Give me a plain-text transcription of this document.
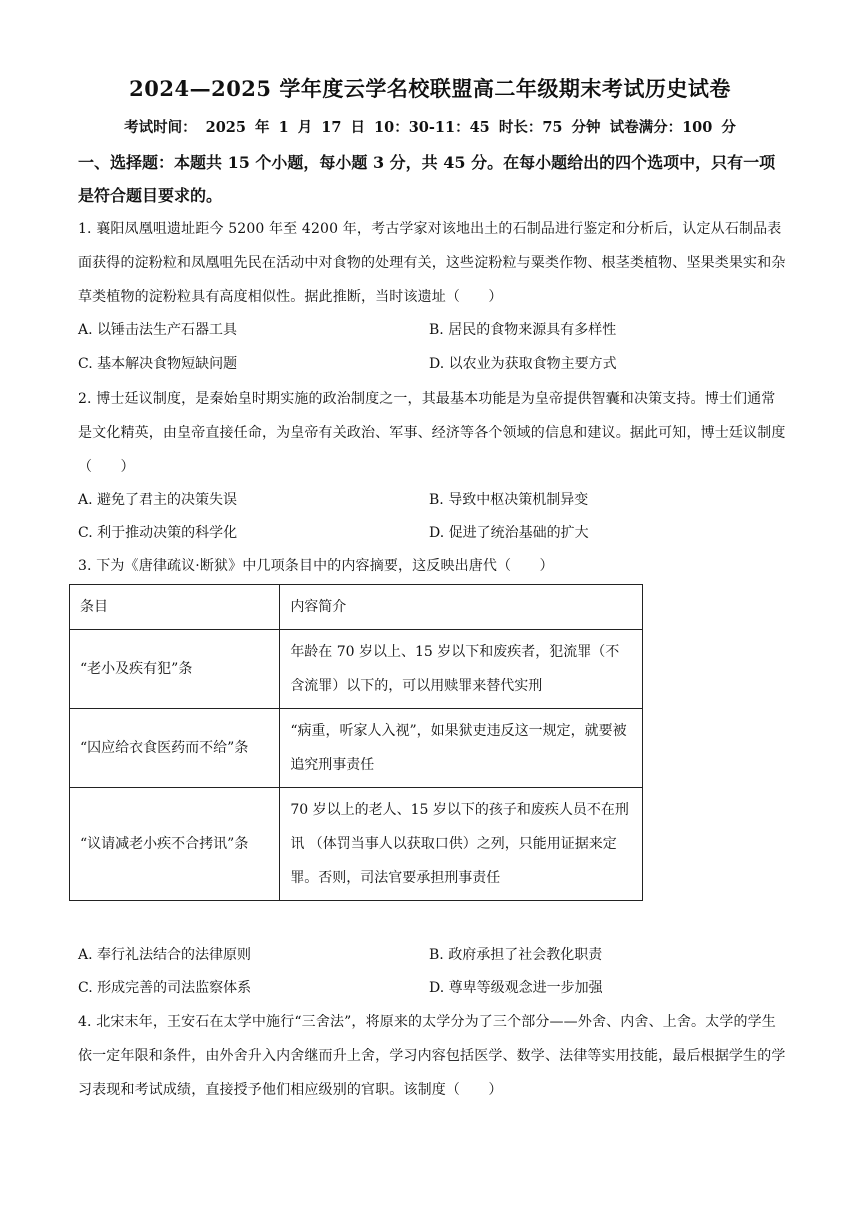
2024—2025 学年度云学名校联盟高二年级期末考试历史试卷
考试时间： 2025 年 1 月 17 日 10：30-11：45 时长：75 分钟 试卷满分：100 分
一、选择题：本题共 15 个小题，每小题 3 分，共 45 分。在每小题给出的四个选项中，只有一项是符合题目要求的。
1. 襄阳凤凰咀遗址距今 5200 年至 4200 年，考古学家对该地出土的石制品进行鉴定和分析后，认定从石制品表面获得的淀粉粒和凤凰咀先民在活动中对食物的处理有关，这些淀粉粒与粟类作物、根茎类植物、坚果类果实和杂草类植物的淀粉粒具有高度相似性。据此推断，当时该遗址（　　）
A. 以锤击法生产石器工具	B. 居民的食物来源具有多样性
C. 基本解决食物短缺问题	D. 以农业为获取食物主要方式
2. 博士廷议制度，是秦始皇时期实施的政治制度之一，其最基本功能是为皇帝提供智囊和决策支持。博士们通常是文化精英，由皇帝直接任命，为皇帝有关政治、军事、经济等各个领域的信息和建议。据此可知，博士廷议制度（　　）
A. 避免了君主的决策失误	B. 导致中枢决策机制异变
C. 利于推动决策的科学化	D. 促进了统治基础的扩大
3. 下为《唐律疏议·断狱》中几项条目中的内容摘要，这反映出唐代（　　）
条目	内容简介
“老小及疾有犯”条	年龄在 70 岁以上、15 岁以下和废疾者，犯流罪（不含流罪）以下的，可以用赎罪来替代实刑
“囚应给衣食医药而不给”条	“病重，听家人入视”，如果狱吏违反这一规定，就要被追究刑事责任
“议请减老小疾不合拷讯”条	70 岁以上的老人、15 岁以下的孩子和废疾人员不在刑讯 （体罚当事人以获取口供）之列，只能用证据来定罪。否则，司法官要承担刑事责任
A. 奉行礼法结合的法律原则	B. 政府承担了社会教化职责
C. 形成完善的司法监察体系	D. 尊卑等级观念进一步加强
4. 北宋末年，王安石在太学中施行“三舍法”，将原来的太学分为了三个部分——外舍、内舍、上舍。太学的学生依一定年限和条件，由外舍升入内舍继而升上舍，学习内容包括医学、数学、法律等实用技能，最后根据学生的学习表现和考试成绩，直接授予他们相应级别的官职。该制度（　　）
